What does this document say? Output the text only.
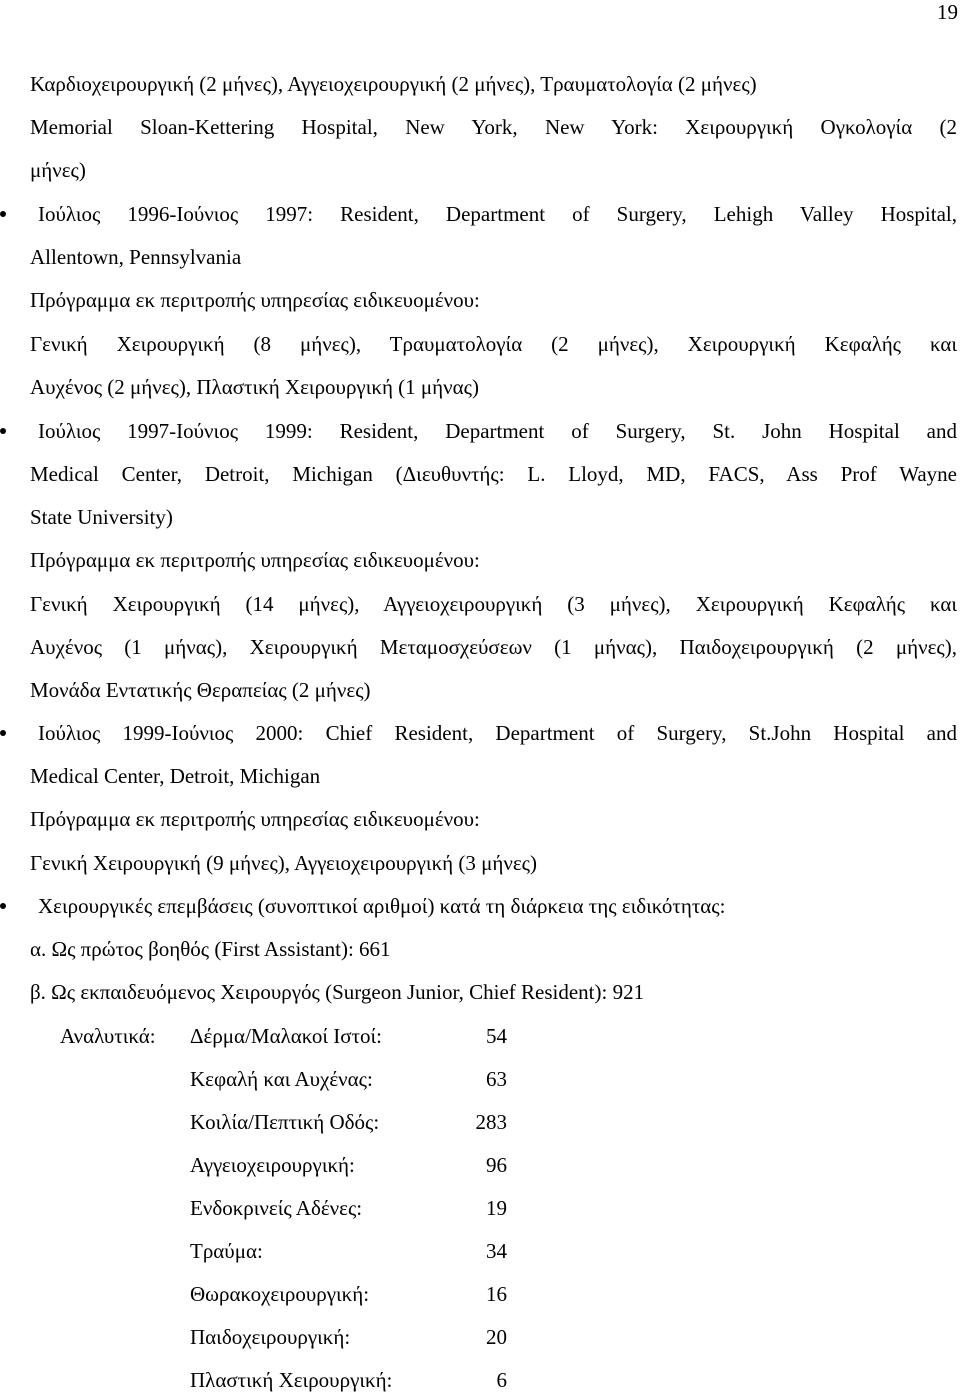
19
Καρδιοχειρουργική (2 μήνες), Αγγειοχειρουργική (2 μήνες), Τραυματολογία (2 μήνες)
Memorial Sloan-Kettering Hospital, New York, New York: Χειρουργική Ογκολογία (2
μήνες)
Ιούλιος 1996-Ιούνιος 1997: Resident, Department of Surgery, Lehigh Valley Hospital,
Allentown, Pennsylvania
Πρόγραμμα εκ περιτροπής υπηρεσίας ειδικευομένου:
Γενική Χειρουργική (8 μήνες), Τραυματολογία (2 μήνες), Χειρουργική Κεφαλής και
Αυχένος (2 μήνες), Πλαστική Χειρουργική (1 μήνας)
Ιούλιος 1997-Ιούνιος 1999: Resident, Department of Surgery, St. John Hospital and
Medical Center, Detroit, Michigan (Διευθυντής: L. Lloyd, MD, FACS, Ass Prof Wayne
State University)
Πρόγραμμα εκ περιτροπής υπηρεσίας ειδικευομένου:
Γενική Χειρουργική (14 μήνες), Αγγειοχειρουργική (3 μήνες), Χειρουργική Κεφαλής και
Αυχένος (1 μήνας), Χειρουργική Μεταμοσχεύσεων (1 μήνας), Παιδοχειρουργική (2 μήνες),
Μονάδα Εντατικής Θεραπείας (2 μήνες)
Ιούλιος 1999-Ιούνιος 2000: Chief Resident, Department of Surgery, St.John Hospital and
Medical Center, Detroit, Michigan
Πρόγραμμα εκ περιτροπής υπηρεσίας ειδικευομένου:
Γενική Χειρουργική (9 μήνες), Αγγειοχειρουργική (3 μήνες)
Χειρουργικές επεμβάσεις (συνοπτικοί αριθμοί) κατά τη διάρκεια της ειδικότητας:
α. Ως πρώτος βοηθός (First Assistant): 661
β. Ως εκπαιδευόμενος Χειρουργός (Surgeon Junior, Chief Resident): 921
Αναλυτικά: Δέρμα/Μαλακοί Ιστοί:	54
Κεφαλή και Αυχένας:	63
Κοιλία/Πεπτική Οδός:	283
Αγγειοχειρουργική:	96
Ενδοκρινείς Αδένες:	19
Τραύμα:	34
Θωρακοχειρουργική:	16
Παιδοχειρουργική:	20
Πλαστική Χειρουργική:	6
